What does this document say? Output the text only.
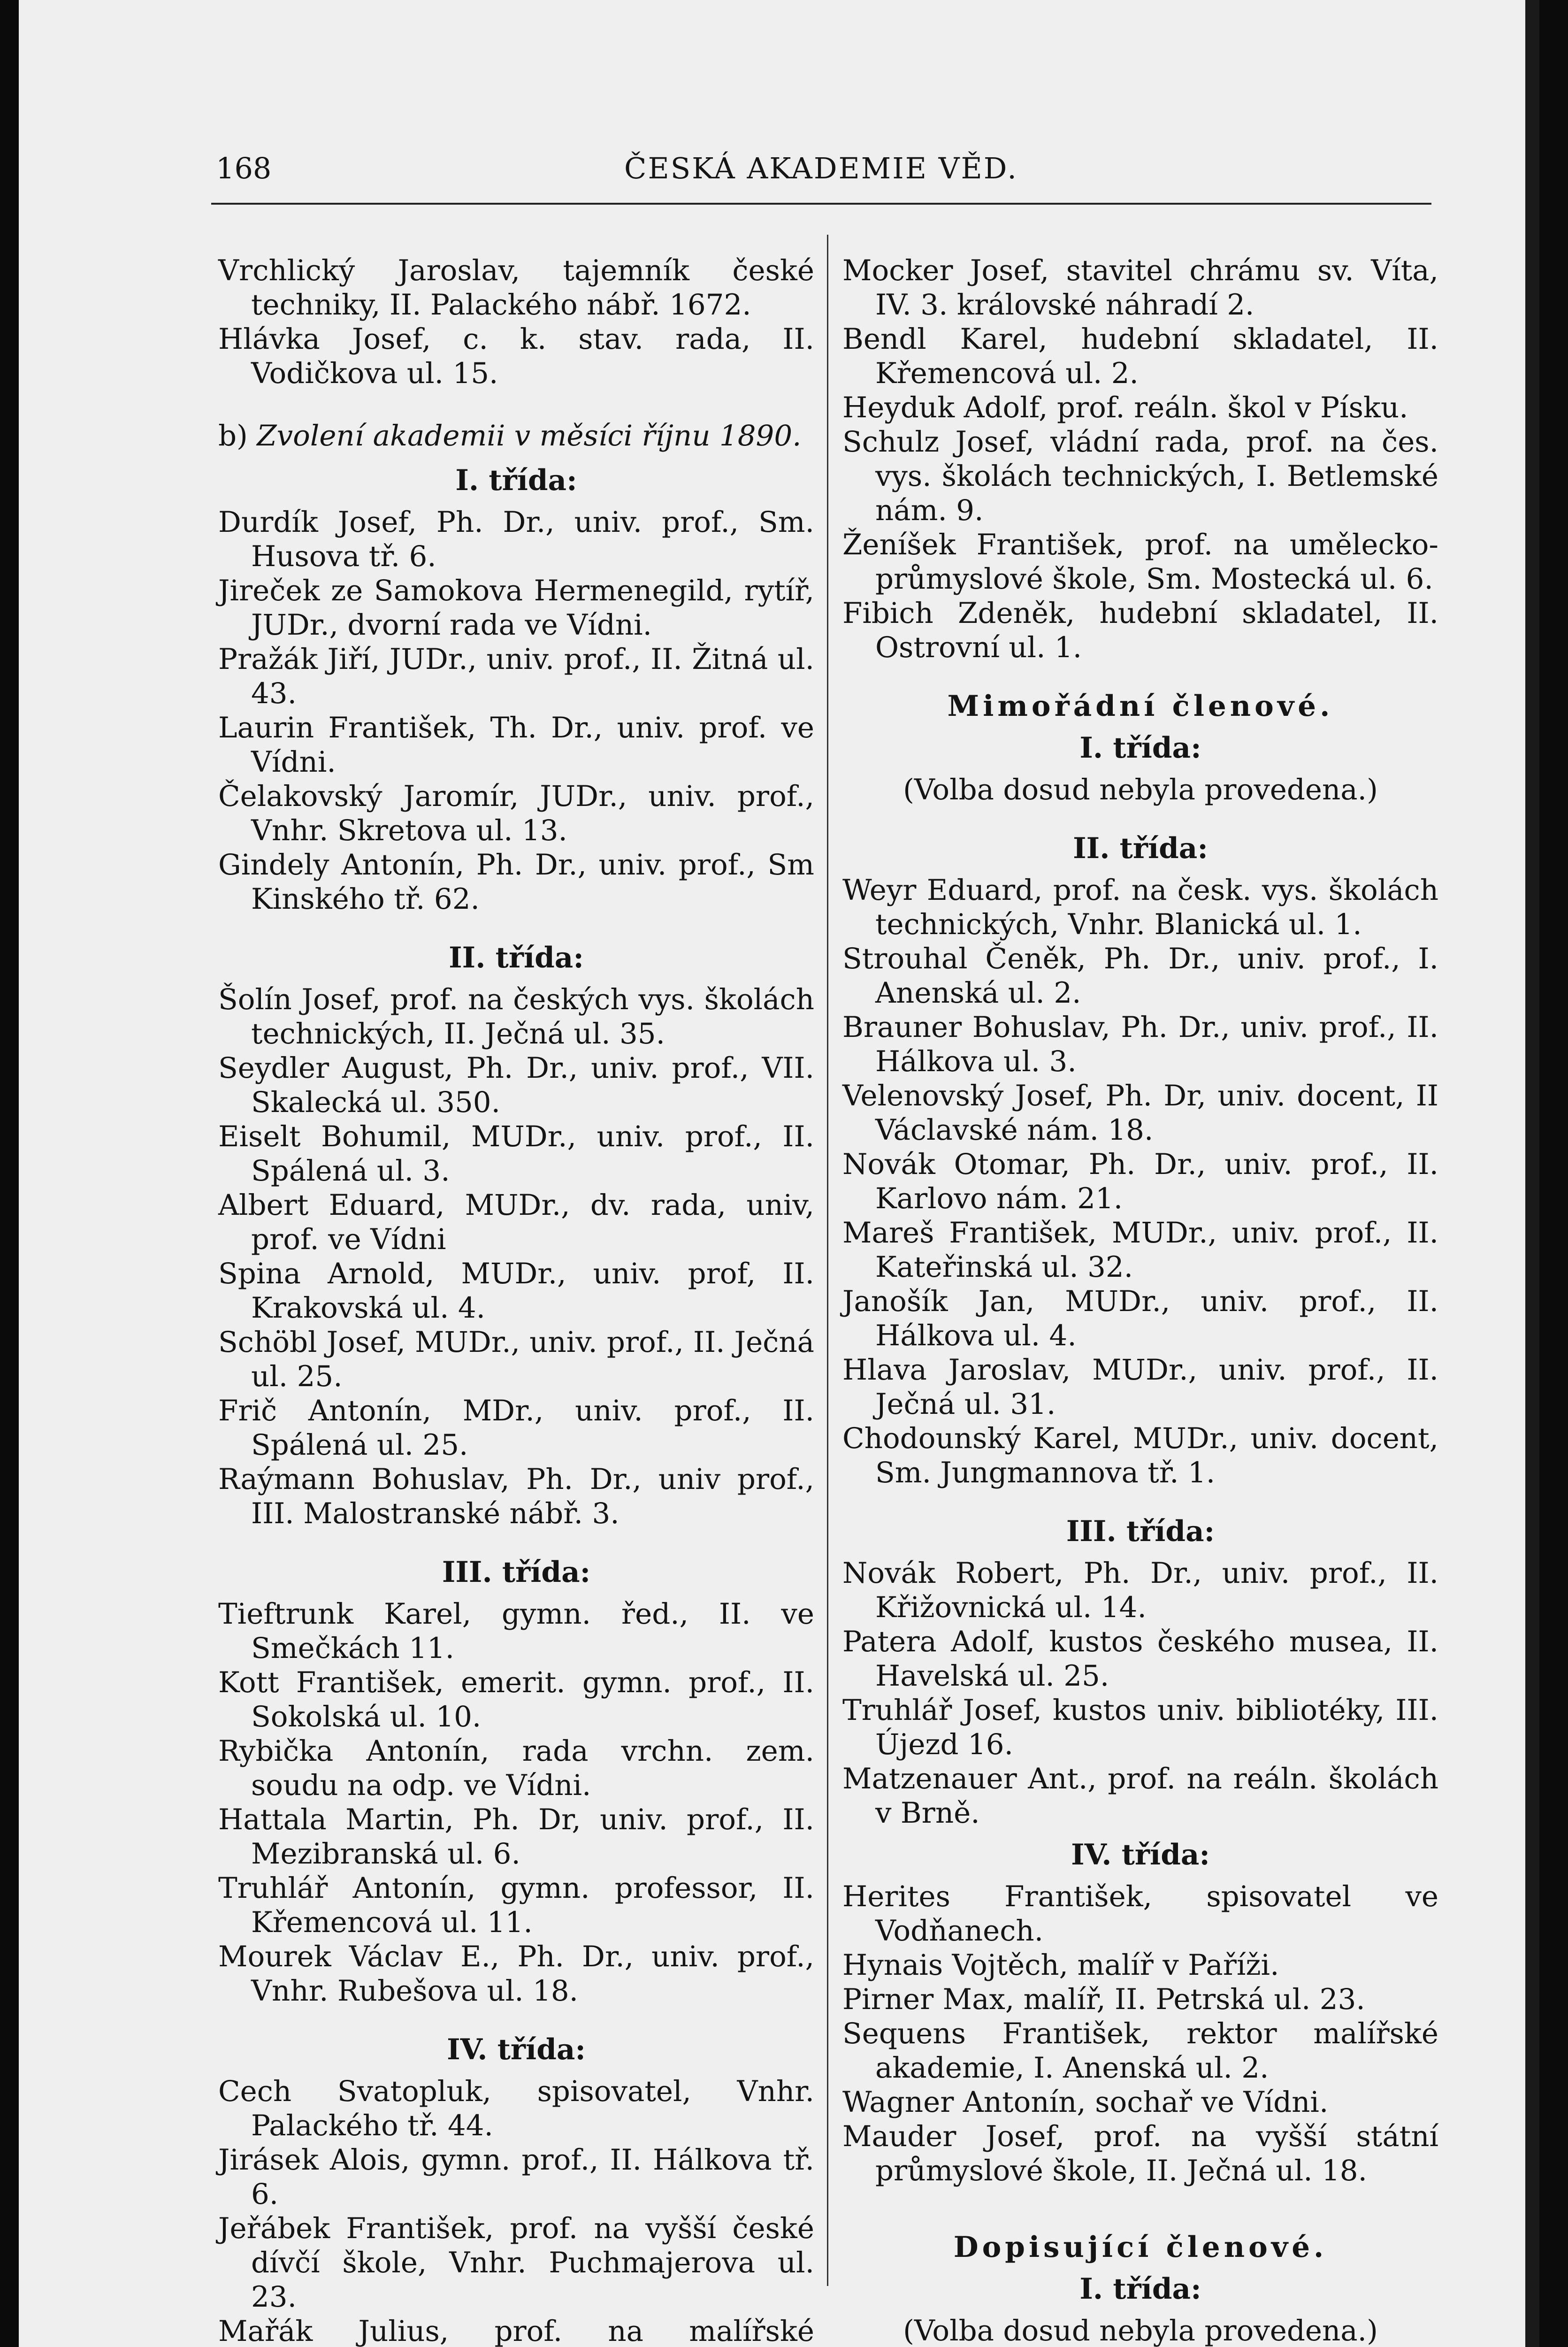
168	ČESKÁ AKADEMIE VĚD.

Vrchlický Jaroslav, tajemník české techniky, II. Palackého nábř. 1672.

Hlávka Josef, c. k. stav. rada, II. Vodičkova ul. 15.

b) Zvolení akademii v měsíci říjnu 1890.

I. třída:

Durdík Josef, Ph. Dr., univ. prof., Sm. Husova tř. 6.

Jireček ze Samokova Hermenegild, rytíř, JUDr., dvorní rada ve Vídni.

Pražák Jiří, JUDr., univ. prof., II. Žitná ul. 43.

Laurin František, Th. Dr., univ. prof. ve Vídni.

Čelakovský Jaromír, JUDr., univ. prof., Vnhr. Skretova ul. 13.

Gindely Antonín, Ph. Dr., univ. prof., Sm Kinského tř. 62.

II. třída:

Šolín Josef, prof. na českých vys. školách technických, II. Ječná ul. 35.

Seydler August, Ph. Dr., univ. prof., VII. Skalecká ul. 350.

Eiselt Bohumil, MUDr., univ. prof., II. Spálená ul. 3.

Albert Eduard, MUDr., dv. rada, univ, prof. ve Vídni

Spina Arnold, MUDr., univ. prof, II. Krakovská ul. 4.

Schöbl Josef, MUDr., univ. prof., II. Ječná ul. 25.

Frič Antonín, MDr., univ. prof., II. Spálená ul. 25.

Raýmann Bohuslav, Ph. Dr., univ prof., III. Malostranské nábř. 3.

III. třída:

Tieftrunk Karel, gymn. řed., II. ve Smečkách 11.

Kott František, emerit. gymn. prof., II. Sokolská ul. 10.

Rybička Antonín, rada vrchn. zem. soudu na odp. ve Vídni.

Hattala Martin, Ph. Dr, univ. prof., II. Mezibranská ul. 6.

Truhlář Antonín, gymn. professor, II. Křemencová ul. 11.

Mourek Václav E., Ph. Dr., univ. prof., Vnhr. Rubešova ul. 18.

IV. třída:

Cech Svatopluk, spisovatel, Vnhr. Palackého tř. 44.

Jirásek Alois, gymn. prof., II. Hálkova tř. 6.

Jeřábek František, prof. na vyšší české dívčí škole, Vnhr. Puchmajerova ul. 23.

Mařák Julius, prof. na malířské

Mocker Josef, stavitel chrámu sv. Víta, IV. 3. královské náhradí 2.

Bendl Karel, hudební skladatel, II. Křemencová ul. 2.

Heyduk Adolf, prof. reáln. škol v Písku.

Schulz Josef, vládní rada, prof. na čes. vys. školách technických, I. Betlemské nám. 9.

Ženíšek František, prof. na umělecko-průmyslové škole, Sm. Mostecká ul. 6.

Fibich Zdeněk, hudební skladatel, II. Ostrovní ul. 1.

Mimořádní členové.

I. třída:

(Volba dosud nebyla provedena.)

II. třída:

Weyr Eduard, prof. na česk. vys. školách technických, Vnhr. Blanická ul. 1.

Strouhal Čeněk, Ph. Dr., univ. prof., I. Anenská ul. 2.

Brauner Bohuslav, Ph. Dr., univ. prof., II. Hálkova ul. 3.

Velenovský Josef, Ph. Dr, univ. docent, II Václavské nám. 18.

Novák Otomar, Ph. Dr., univ. prof., II. Karlovo nám. 21.

Mareš František, MUDr., univ. prof., II. Kateřinská ul. 32.

Janošík Jan, MUDr., univ. prof., II. Hálkova ul. 4.

Hlava Jaroslav, MUDr., univ. prof., II. Ječná ul. 31.

Chodounský Karel, MUDr., univ. docent, Sm. Jungmannova tř. 1.

III. třída:

Novák Robert, Ph. Dr., univ. prof., II. Křižovnická ul. 14.

Patera Adolf, kustos českého musea, II. Havelská ul. 25.

Truhlář Josef, kustos univ. bibliotéky, III. Újezd 16.

Matzenauer Ant., prof. na reáln. školách v Brně.

IV. třída:

Herites František, spisovatel ve Vodňanech.

Hynais Vojtěch, malíř v Paříži.

Pirner Max, malíř, II. Petrská ul. 23.

Sequens František, rektor malířské akademie, I. Anenská ul. 2.

Wagner Antonín, sochař ve Vídni.

Mauder Josef, prof. na vyšší státní průmyslové škole, II. Ječná ul. 18.

Dopisující členové.

I. třída:

(Volba dosud nebyla provedena.)
